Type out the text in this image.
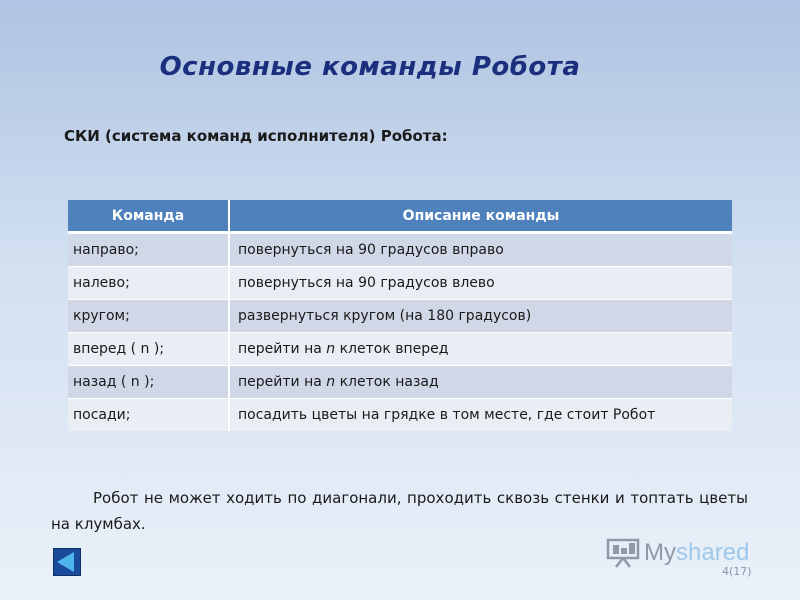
Основные команды Робота

СКИ (система команд исполнителя) Робота:

Команда	Описание команды
направо;	повернуться на 90 градусов вправо
налево;	повернуться на 90 градусов влево
кругом;	развернуться кругом (на 180 градусов)
вперед ( n );	перейти на n клеток вперед
назад ( n );	перейти на n клеток назад
посади;	посадить цветы на грядке в том месте, где стоит Робот

Робот не может ходить по диагонали, проходить сквозь стенки и топтать цветы на клумбах.

Myshared
4(17)
